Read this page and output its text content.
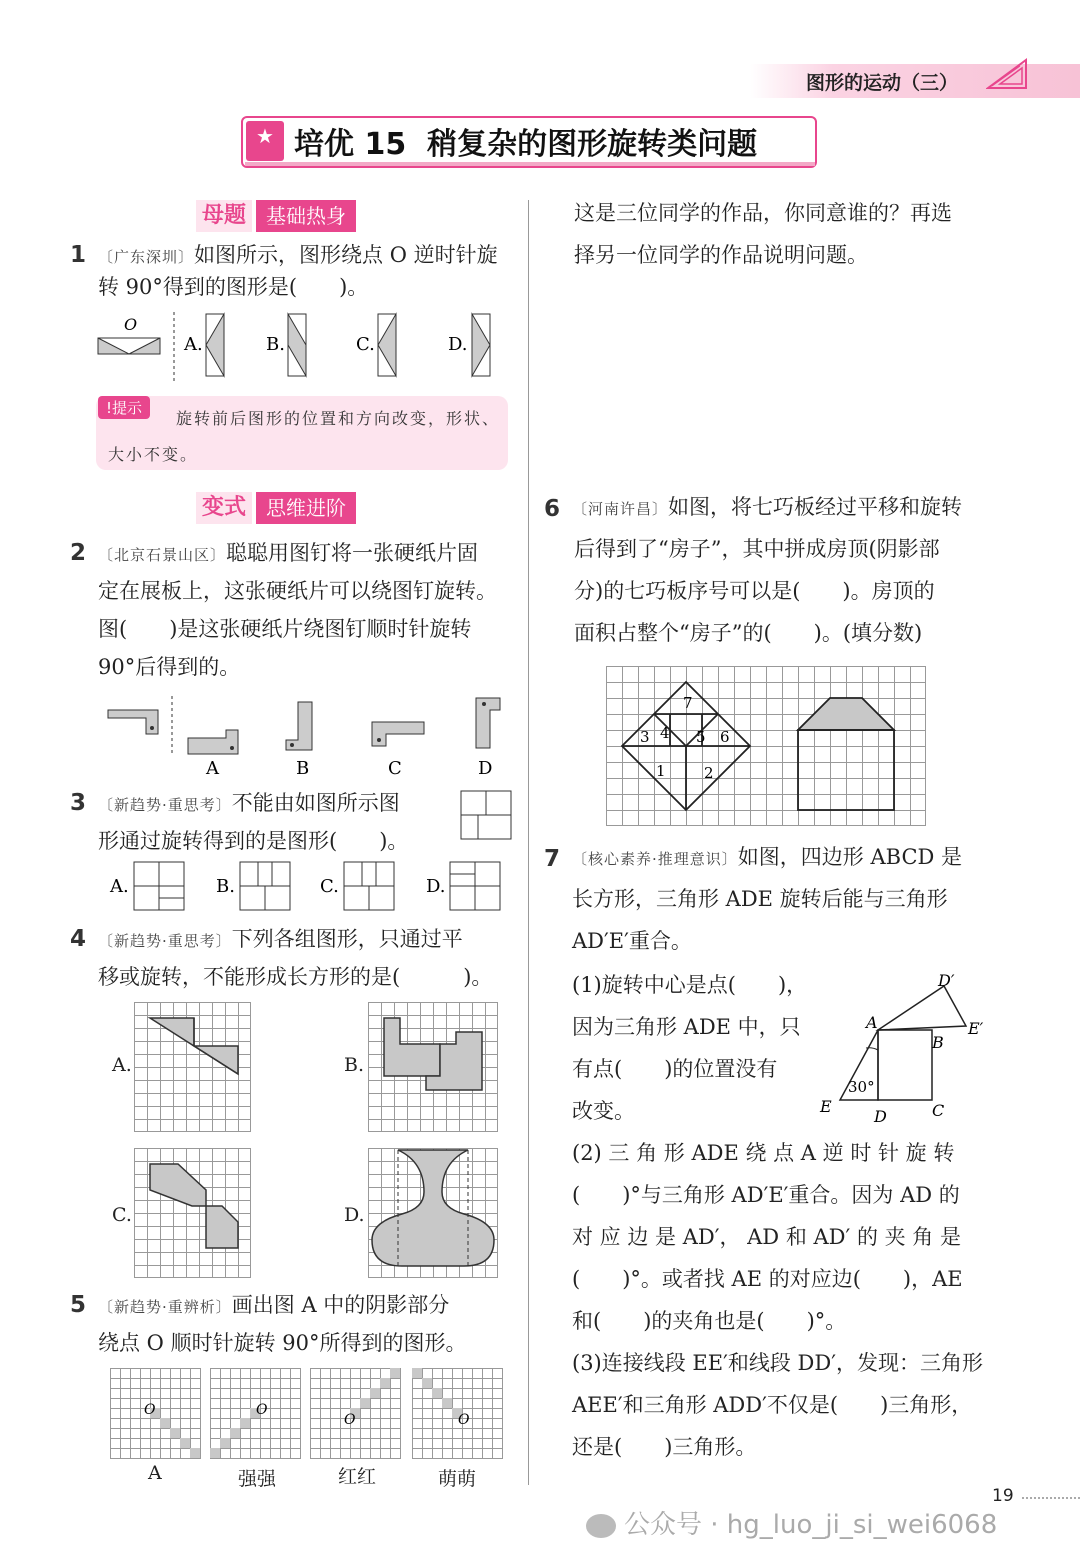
图形的运动（三）
★ 培优 15  稍复杂的图形旋转类问题
母题	基础热身
1 〔广东深圳〕如图所示，图形绕点 O 逆时针旋
转 90°得到的图形是(　　)。
O
A.	B.	C.	D.
!提示
旋转前后图形的位置和方向改变，形状、
大小不变。
变式	思维进阶
2 〔北京石景山区〕聪聪用图钉将一张硬纸片固
定在展板上，这张硬纸片可以绕图钉旋转。
图(　　)是这张硬纸片绕图钉顺时针旋转
90°后得到的。
A	B	C	D
3 〔新趋势·重思考〕不能由如图所示图
形通过旋转得到的是图形(　　)。
A.	B.	C.	D.
4 〔新趋势·重思考〕下列各组图形，只通过平
移或旋转，不能形成长方形的是(　　　)。
A.	B.
C.	D.
5 〔新趋势·重辨析〕画出图 A 中的阴影部分
绕点 O 顺时针旋转 90°所得到的图形。
O	O
O	O
A	强强	红红	萌萌
这是三位同学的作品，你同意谁的？再选
择另一位同学的作品说明问题。
6 〔河南许昌〕如图，将七巧板经过平移和旋转
后得到了“房子”，其中拼成房顶(阴影部
分)的七巧板序号可以是(　　)。房顶的
面积占整个“房子”的(　　)。(填分数)
3 4 5 6
7
1	2
7 〔核心素养·推理意识〕如图，四边形 ABCD 是
长方形，三角形 ADE 旋转后能与三角形
AD′E′重合。
(1)旋转中心是点(　　)，
因为三角形 ADE 中，只
有点(　　)的位置没有
改变。
A
B
C
D
E
D′
E′
30°
(2) 三 角 形 ADE 绕 点 A 逆 时 针 旋 转
(　　)°与三角形 AD′E′重合。因为 AD 的
对 应 边 是 AD′， AD 和 AD′ 的 夹 角 是
(　　)°。或者找 AE 的对应边(　　)，AE
和(　　)的夹角也是(　　)°。
(3)连接线段 EE′和线段 DD′，发现：三角形
AEE′和三角形 ADD′不仅是(　　)三角形，
还是(　　)三角形。
19
公众号 · hg_luo_ji_si_wei6068
